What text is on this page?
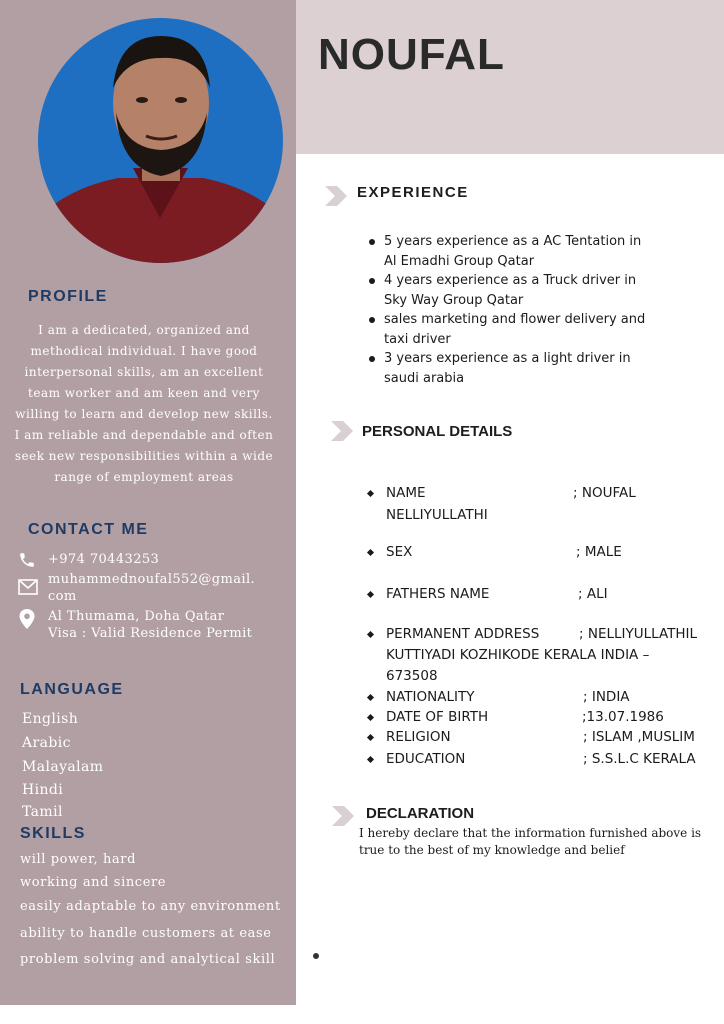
NOUFAL
PROFILE
I am a dedicated, organized and
methodical individual. I have good
interpersonal skills, am an excellent
team worker and am keen and very
willing to learn and develop new skills.
I am reliable and dependable and often
seek new responsibilities within a wide
range of employment areas
CONTACT ME
+974 70443253
muhammednoufal552@gmail.
com
Al Thumama, Doha Qatar
Visa : Valid Residence Permit
LANGUAGE
English
Arabic
Malayalam
Hindi
Tamil
SKILLS
will power, hard
working and sincere
easily adaptable to any environment
ability to handle customers at ease
problem solving and analytical skill
EXPERIENCE
5 years experience as a AC Tentation in
Al Emadhi Group Qatar
4 years experience as a Truck driver in
Sky Way Group Qatar
sales marketing and flower delivery and
taxi driver
3 years experience as a light driver in
saudi arabia
PERSONAL DETAILS
NAME	; NOUFAL
NELLIYULLATHI
SEX	; MALE
FATHERS NAME	; ALI
PERMANENT ADDRESS	; NELLIYULLATHIL
KUTTIYADI KOZHIKODE KERALA INDIA –
673508
NATIONALITY	; INDIA
DATE OF BIRTH	;13.07.1986
RELIGION	; ISLAM ,MUSLIM
EDUCATION	; S.S.L.C KERALA
DECLARATION
I hereby declare that the information furnished above is
true to the best of my knowledge and belief
